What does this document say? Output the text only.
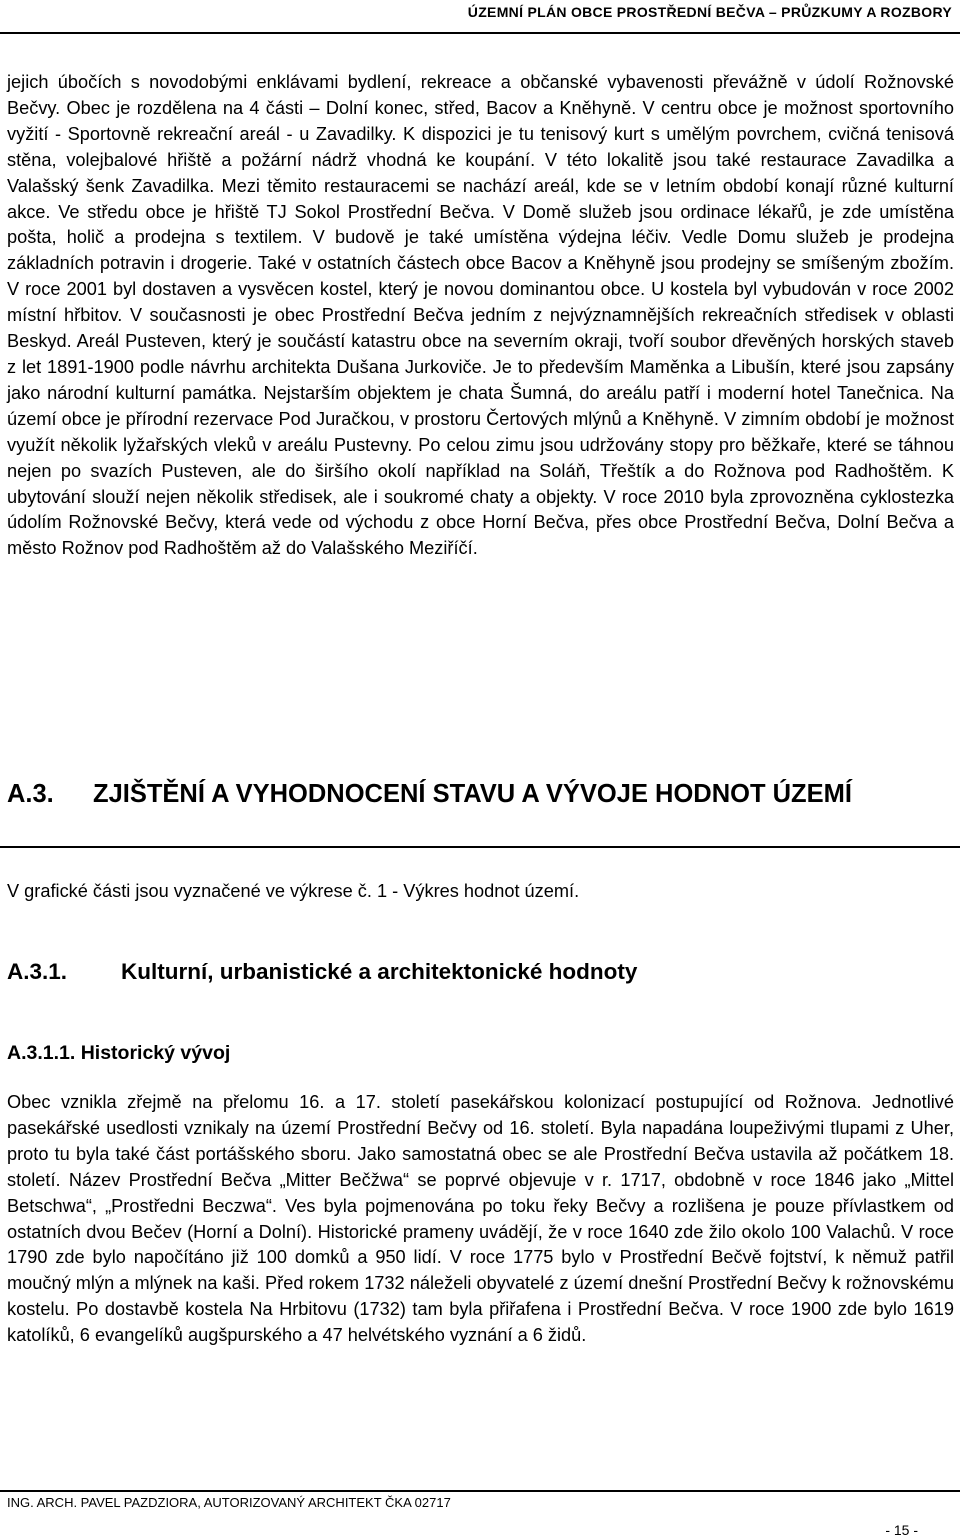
ÚZEMNÍ PLÁN OBCE PROSTŘEDNÍ BEČVA – PRŮZKUMY A ROZBORY

jejich úbočích s novodobými enklávami bydlení, rekreace a občanské vybavenosti převážně v údolí Rožnovské Bečvy. Obec je rozdělena na 4 části – Dolní konec, střed, Bacov a Kněhyně. V centru obce je možnost sportovního vyžití - Sportovně rekreační areál - u Zavadilky. K dispozici je tu tenisový kurt s umělým povrchem, cvičná tenisová stěna, volejbalové hřiště a požární nádrž vhodná ke koupání. V této lokalitě jsou také restaurace Zavadilka a Valašský šenk Zavadilka. Mezi těmito restauracemi se nachází areál, kde se v letním období konají různé kulturní akce. Ve středu obce je hřiště TJ Sokol Prostřední Bečva. V Domě služeb jsou ordinace lékařů, je zde umístěna pošta, holič a prodejna s textilem. V budově je také umístěna výdejna léčiv. Vedle Domu služeb je prodejna základních potravin i drogerie. Také v ostatních částech obce Bacov a Kněhyně jsou prodejny se smíšeným zbožím. V roce 2001 byl dostaven a vysvěcen kostel, který je novou dominantou obce. U kostela byl vybudován v roce 2002 místní hřbitov. V současnosti je obec Prostřední Bečva jedním z nejvýznamnějších rekreačních středisek v oblasti Beskyd. Areál Pusteven, který je součástí katastru obce na severním okraji, tvoří soubor dřevěných horských staveb z let 1891-1900 podle návrhu architekta Dušana Jurkoviče. Je to především Maměnka a Libušín, které jsou zapsány jako národní kulturní památka. Nejstarším objektem je chata Šumná, do areálu patří i moderní hotel Tanečnica. Na území obce je přírodní rezervace Pod Juračkou, v prostoru Čertových mlýnů a Kněhyně. V zimním období je možnost využít několik lyžařských vleků v areálu Pustevny. Po celou zimu jsou udržovány stopy pro běžkaře, které se táhnou nejen po svazích Pusteven, ale do širšího okolí například na Soláň, Třeštík a do Rožnova pod Radhoštěm. K ubytování slouží nejen několik středisek, ale i soukromé chaty a objekty. V roce 2010 byla zprovozněna cyklostezka údolím Rožnovské Bečvy, která vede od východu z obce Horní Bečva, přes obce Prostřední Bečva, Dolní Bečva a město Rožnov pod Radhoštěm až do Valašského Meziříčí.

A.3. ZJIŠTĚNÍ A VYHODNOCENÍ STAVU A VÝVOJE HODNOT ÚZEMÍ

V grafické části jsou vyznačené ve výkrese č. 1 - Výkres hodnot území.

A.3.1. Kulturní, urbanistické a architektonické hodnoty
A.3.1.1. Historický vývoj

Obec vznikla zřejmě na přelomu 16. a 17. století pasekářskou kolonizací postupující od Rožnova. Jednotlivé pasekářské usedlosti vznikaly na území Prostřední Bečvy od 16. století. Byla napadána loupeživými tlupami z Uher, proto tu byla také část portášského sboru. Jako samostatná obec se ale Prostřední Bečva ustavila až počátkem 18. století. Název Prostřední Bečva „Mitter Bečžwa“ se poprvé objevuje v r. 1717, obdobně v roce 1846 jako „Mittel Betschwa“, „Prostředni Beczwa“. Ves byla pojmenována po toku řeky Bečvy a rozlišena je pouze přívlastkem od ostatních dvou Bečev (Horní a Dolní). Historické prameny uvádějí, že v roce 1640 zde žilo okolo 100 Valachů. V roce 1790 zde bylo napočítáno již 100 domků a 950 lidí. V roce 1775 bylo v Prostřední Bečvě fojtství, k němuž patřil moučný mlýn a mlýnek na kaši. Před rokem 1732 náleželi obyvatelé z území dnešní Prostřední Bečvy k rožnovskému kostelu. Po dostavbě kostela Na Hrbitovu (1732) tam byla přiřafena i Prostřední Bečva. V roce 1900 zde bylo 1619 katolíků, 6 evangelíků augšpurského a 47 helvétského vyznání a 6 židů.

ING. ARCH. PAVEL PAZDZIORA, AUTORIZOVANÝ ARCHITEKT ČKA 02717
- 15 -
